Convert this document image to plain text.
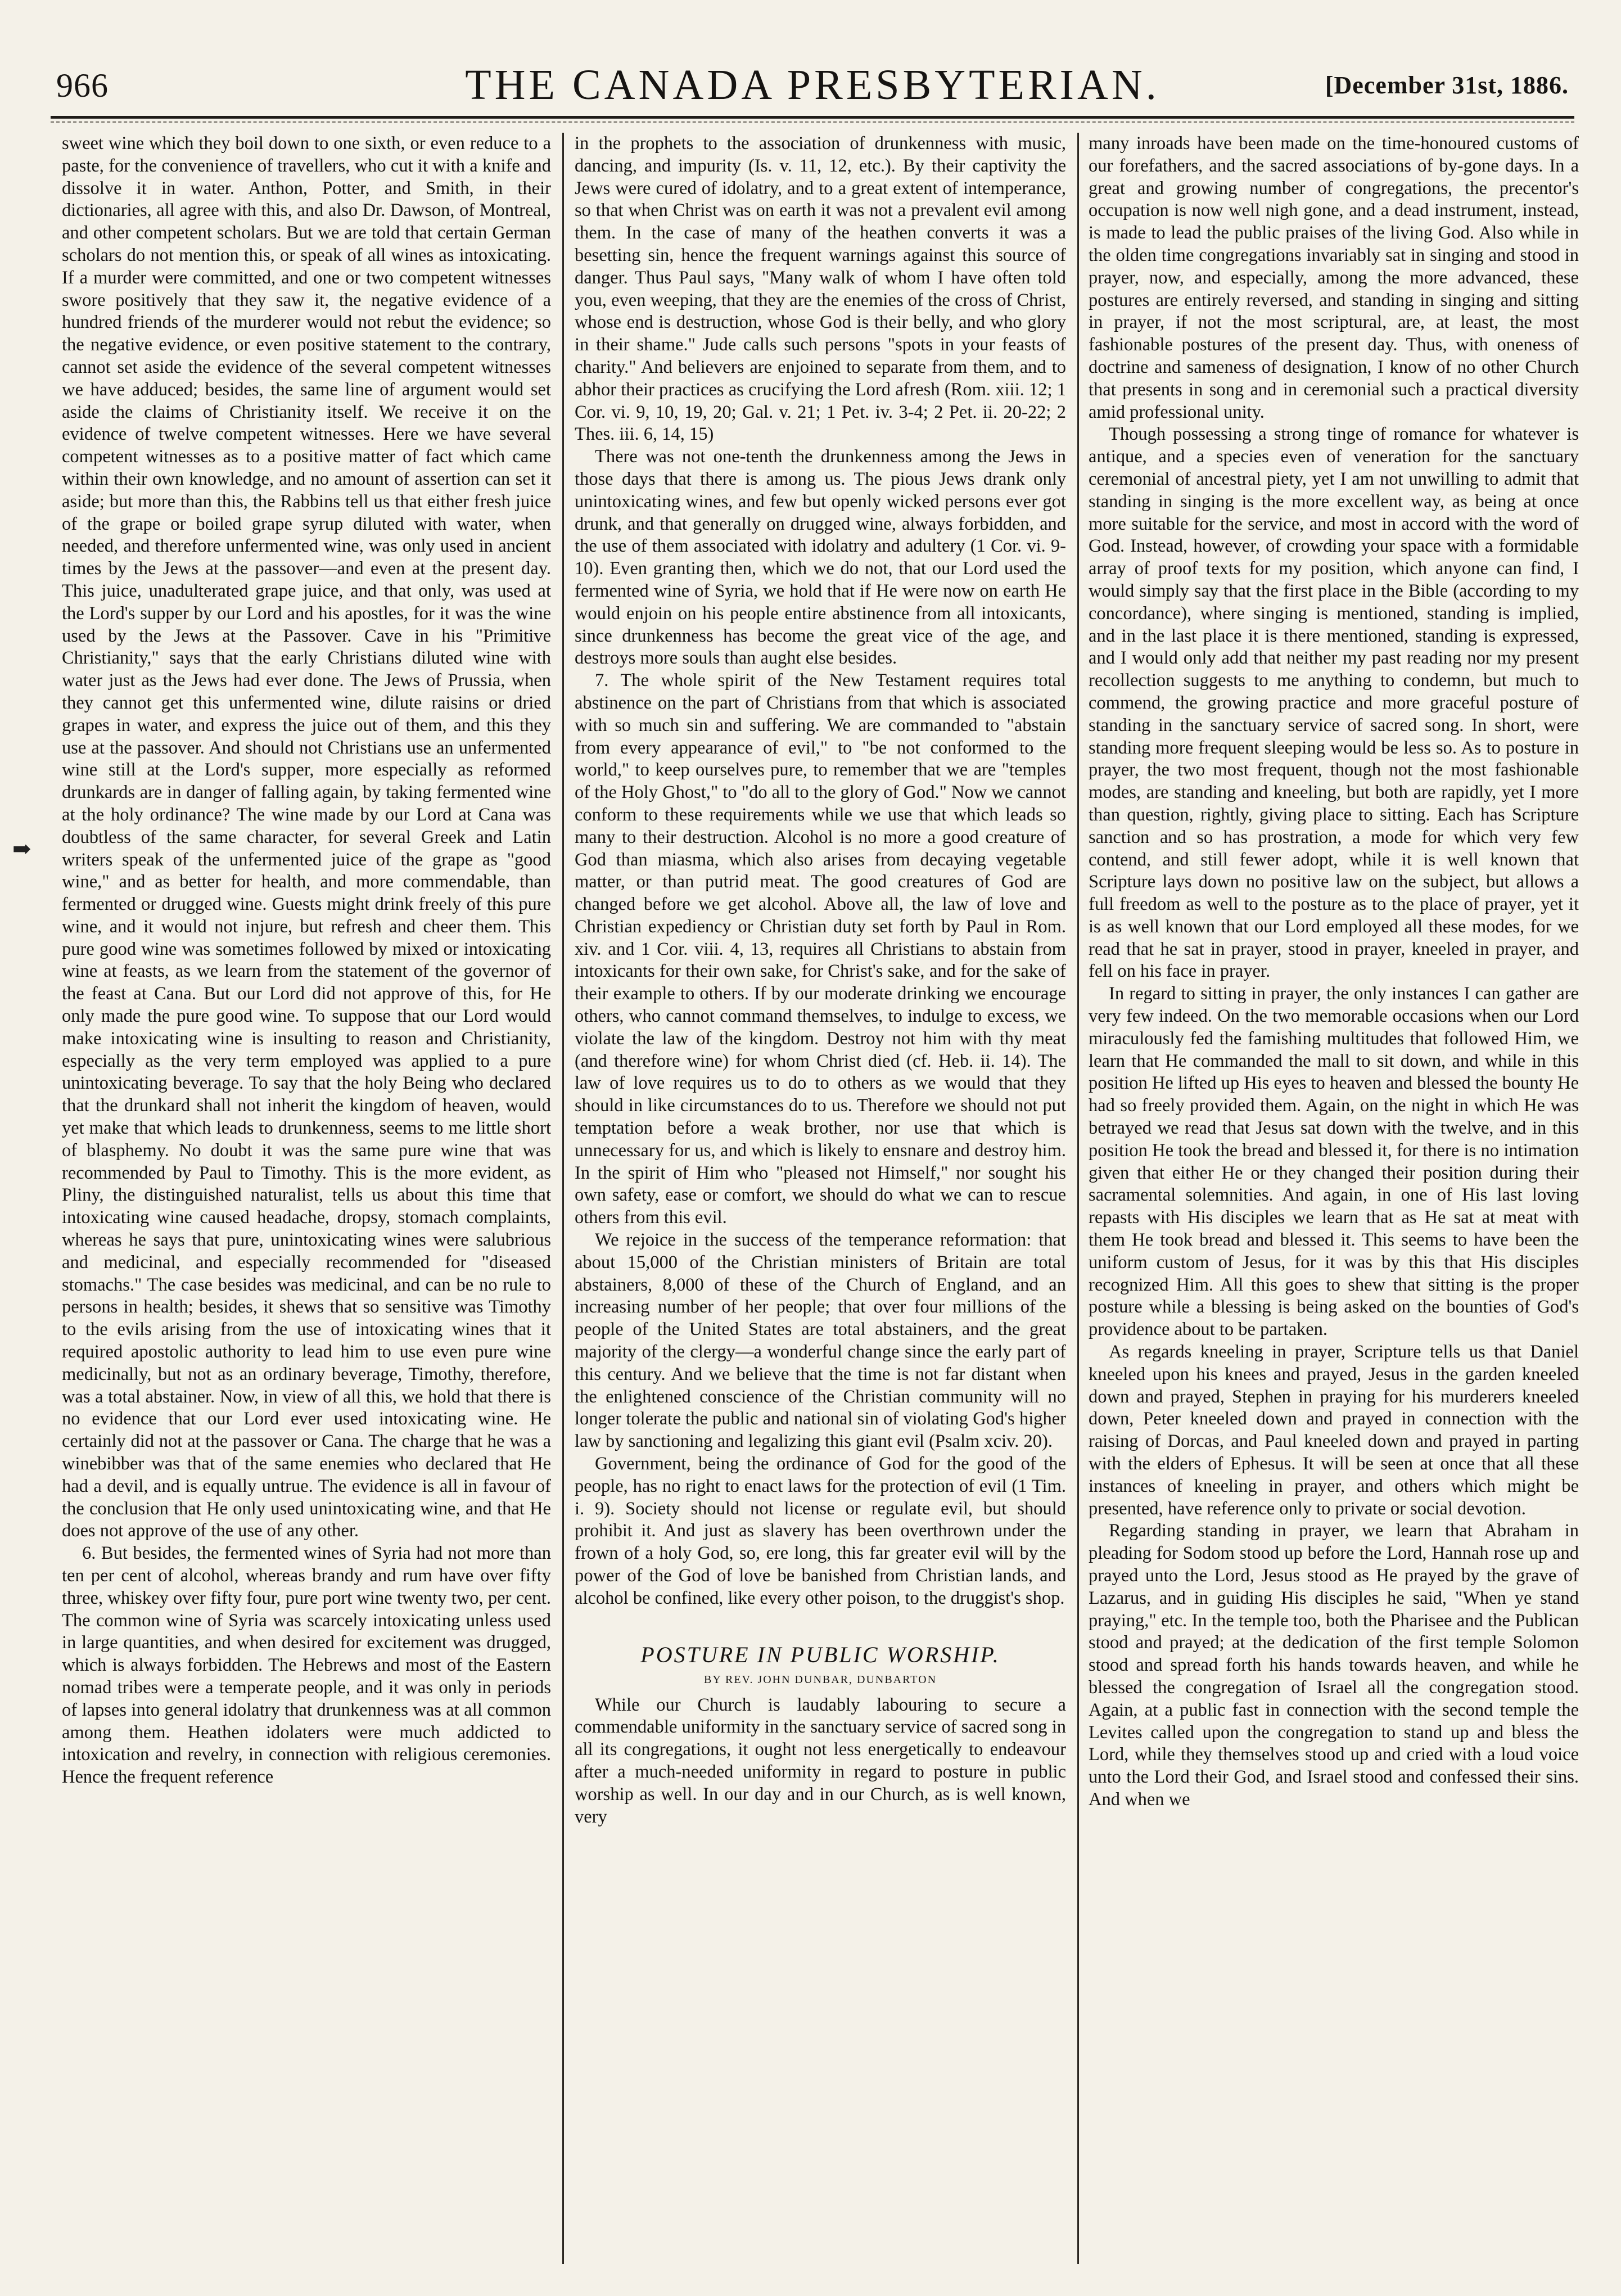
966	THE CANADA PRESBYTERIAN.	[December 31st, 1886.
➡

sweet wine which they boil down to one sixth, or even reduce to a paste, for the convenience of travellers, who cut it with a knife and dissolve it in water. Anthon, Potter, and Smith, in their dictionaries, all agree with this, and also Dr. Dawson, of Montreal, and other competent scholars. But we are told that certain German scholars do not mention this, or speak of all wines as intoxicating. If a murder were committed, and one or two competent witnesses swore positively that they saw it, the negative evidence of a hundred friends of the murderer would not rebut the evidence; so the negative evidence, or even positive statement to the contrary, cannot set aside the evidence of the several competent witnesses we have adduced; besides, the same line of argument would set aside the claims of Christianity itself. We receive it on the evidence of twelve competent witnesses. Here we have several competent witnesses as to a positive matter of fact which came within their own knowledge, and no amount of assertion can set it aside; but more than this, the Rabbins tell us that either fresh juice of the grape or boiled grape syrup diluted with water, when needed, and therefore unfermented wine, was only used in ancient times by the Jews at the passover—and even at the present day. This juice, unadulterated grape juice, and that only, was used at the Lord's supper by our Lord and his apostles, for it was the wine used by the Jews at the Passover. Cave in his "Primitive Christianity," says that the early Christians diluted wine with water just as the Jews had ever done. The Jews of Prussia, when they cannot get this unfermented wine, dilute raisins or dried grapes in water, and express the juice out of them, and this they use at the passover. And should not Christians use an unfermented wine still at the Lord's supper, more especially as reformed drunkards are in danger of falling again, by taking fermented wine at the holy ordinance? The wine made by our Lord at Cana was doubtless of the same character, for several Greek and Latin writers speak of the unfermented juice of the grape as "good wine," and as better for health, and more commendable, than fermented or drugged wine. Guests might drink freely of this pure wine, and it would not injure, but refresh and cheer them. This pure good wine was sometimes followed by mixed or intoxicating wine at feasts, as we learn from the statement of the governor of the feast at Cana. But our Lord did not approve of this, for He only made the pure good wine. To suppose that our Lord would make intoxicating wine is insulting to reason and Christianity, especially as the very term employed was applied to a pure unintoxicating beverage. To say that the holy Being who declared that the drunkard shall not inherit the kingdom of heaven, would yet make that which leads to drunkenness, seems to me little short of blasphemy. No doubt it was the same pure wine that was recommended by Paul to Timothy. This is the more evident, as Pliny, the distinguished naturalist, tells us about this time that intoxicating wine caused headache, dropsy, stomach complaints, whereas he says that pure, unintoxicating wines were salubrious and medicinal, and especially recommended for "diseased stomachs." The case besides was medicinal, and can be no rule to persons in health; besides, it shews that so sensitive was Timothy to the evils arising from the use of intoxicating wines that it required apostolic authority to lead him to use even pure wine medicinally, but not as an ordinary beverage, Timothy, therefore, was a total abstainer. Now, in view of all this, we hold that there is no evidence that our Lord ever used intoxicating wine. He certainly did not at the passover or Cana. The charge that he was a winebibber was that of the same enemies who declared that He had a devil, and is equally untrue. The evidence is all in favour of the conclusion that He only used unintoxicating wine, and that He does not approve of the use of any other.

6. But besides, the fermented wines of Syria had not more than ten per cent of alcohol, whereas brandy and rum have over fifty three, whiskey over fifty four, pure port wine twenty two, per cent. The common wine of Syria was scarcely intoxicating unless used in large quantities, and when desired for excitement was drugged, which is always forbidden. The Hebrews and most of the Eastern nomad tribes were a temperate people, and it was only in periods of lapses into general idolatry that drunkenness was at all common among them. Heathen idolaters were much addicted to intoxication and revelry, in connection with religious ceremonies. Hence the frequent reference

in the prophets to the association of drunkenness with music, dancing, and impurity (Is. v. 11, 12, etc.). By their captivity the Jews were cured of idolatry, and to a great extent of intemperance, so that when Christ was on earth it was not a prevalent evil among them. In the case of many of the heathen converts it was a besetting sin, hence the frequent warnings against this source of danger. Thus Paul says, "Many walk of whom I have often told you, even weeping, that they are the enemies of the cross of Christ, whose end is destruction, whose God is their belly, and who glory in their shame." Jude calls such persons "spots in your feasts of charity." And believers are enjoined to separate from them, and to abhor their practices as crucifying the Lord afresh (Rom. xiii. 12; 1 Cor. vi. 9, 10, 19, 20; Gal. v. 21; 1 Pet. iv. 3-4; 2 Pet. ii. 20-22; 2 Thes. iii. 6, 14, 15)

There was not one-tenth the drunkenness among the Jews in those days that there is among us. The pious Jews drank only unintoxicating wines, and few but openly wicked persons ever got drunk, and that generally on drugged wine, always forbidden, and the use of them associated with idolatry and adultery (1 Cor. vi. 9-10). Even granting then, which we do not, that our Lord used the fermented wine of Syria, we hold that if He were now on earth He would enjoin on his people entire abstinence from all intoxicants, since drunkenness has become the great vice of the age, and destroys more souls than aught else besides.

7. The whole spirit of the New Testament requires total abstinence on the part of Christians from that which is associated with so much sin and suffering. We are commanded to "abstain from every appearance of evil," to "be not conformed to the world," to keep ourselves pure, to remember that we are "temples of the Holy Ghost," to "do all to the glory of God." Now we cannot conform to these requirements while we use that which leads so many to their destruction. Alcohol is no more a good creature of God than miasma, which also arises from decaying vegetable matter, or than putrid meat. The good creatures of God are changed before we get alcohol. Above all, the law of love and Christian expediency or Christian duty set forth by Paul in Rom. xiv. and 1 Cor. viii. 4, 13, requires all Christians to abstain from intoxicants for their own sake, for Christ's sake, and for the sake of their example to others. If by our moderate drinking we encourage others, who cannot command themselves, to indulge to excess, we violate the law of the kingdom. Destroy not him with thy meat (and therefore wine) for whom Christ died (cf. Heb. ii. 14). The law of love requires us to do to others as we would that they should in like circumstances do to us. Therefore we should not put temptation before a weak brother, nor use that which is unnecessary for us, and which is likely to ensnare and destroy him. In the spirit of Him who "pleased not Himself," nor sought his own safety, ease or comfort, we should do what we can to rescue others from this evil.

We rejoice in the success of the temperance reformation: that about 15,000 of the Christian ministers of Britain are total abstainers, 8,000 of these of the Church of England, and an increasing number of her people; that over four millions of the people of the United States are total abstainers, and the great majority of the clergy—a wonderful change since the early part of this century. And we believe that the time is not far distant when the enlightened conscience of the Christian community will no longer tolerate the public and national sin of violating God's higher law by sanctioning and legalizing this giant evil (Psalm xciv. 20).

Government, being the ordinance of God for the good of the people, has no right to enact laws for the protection of evil (1 Tim. i. 9). Society should not license or regulate evil, but should prohibit it. And just as slavery has been overthrown under the frown of a holy God, so, ere long, this far greater evil will by the power of the God of love be banished from Christian lands, and alcohol be confined, like every other poison, to the druggist's shop.

POSTURE IN PUBLIC WORSHIP.
BY REV. JOHN DUNBAR, DUNBARTON

While our Church is laudably labouring to secure a commendable uniformity in the sanctuary service of sacred song in all its congregations, it ought not less energetically to endeavour after a much-needed uniformity in regard to posture in public worship as well. In our day and in our Church, as is well known, very

many inroads have been made on the time-honoured customs of our forefathers, and the sacred associations of by-gone days. In a great and growing number of congregations, the precentor's occupation is now well nigh gone, and a dead instrument, instead, is made to lead the public praises of the living God. Also while in the olden time congregations invariably sat in singing and stood in prayer, now, and especially, among the more advanced, these postures are entirely reversed, and standing in singing and sitting in prayer, if not the most scriptural, are, at least, the most fashionable postures of the present day. Thus, with oneness of doctrine and sameness of designation, I know of no other Church that presents in song and in ceremonial such a practical diversity amid professional unity.

Though possessing a strong tinge of romance for whatever is antique, and a species even of veneration for the sanctuary ceremonial of ancestral piety, yet I am not unwilling to admit that standing in singing is the more excellent way, as being at once more suitable for the service, and most in accord with the word of God. Instead, however, of crowding your space with a formidable array of proof texts for my position, which anyone can find, I would simply say that the first place in the Bible (according to my concordance), where singing is mentioned, standing is implied, and in the last place it is there mentioned, standing is expressed, and I would only add that neither my past reading nor my present recollection suggests to me anything to condemn, but much to commend, the growing practice and more graceful posture of standing in the sanctuary service of sacred song. In short, were standing more frequent sleeping would be less so. As to posture in prayer, the two most frequent, though not the most fashionable modes, are standing and kneeling, but both are rapidly, yet I more than question, rightly, giving place to sitting. Each has Scripture sanction and so has prostration, a mode for which very few contend, and still fewer adopt, while it is well known that Scripture lays down no positive law on the subject, but allows a full freedom as well to the posture as to the place of prayer, yet it is as well known that our Lord employed all these modes, for we read that he sat in prayer, stood in prayer, kneeled in prayer, and fell on his face in prayer.

In regard to sitting in prayer, the only instances I can gather are very few indeed. On the two memorable occasions when our Lord miraculously fed the famishing multitudes that followed Him, we learn that He commanded the mall to sit down, and while in this position He lifted up His eyes to heaven and blessed the bounty He had so freely provided them. Again, on the night in which He was betrayed we read that Jesus sat down with the twelve, and in this position He took the bread and blessed it, for there is no intimation given that either He or they changed their position during their sacramental solemnities. And again, in one of His last loving repasts with His disciples we learn that as He sat at meat with them He took bread and blessed it. This seems to have been the uniform custom of Jesus, for it was by this that His disciples recognized Him. All this goes to shew that sitting is the proper posture while a blessing is being asked on the bounties of God's providence about to be partaken.

As regards kneeling in prayer, Scripture tells us that Daniel kneeled upon his knees and prayed, Jesus in the garden kneeled down and prayed, Stephen in praying for his murderers kneeled down, Peter kneeled down and prayed in connection with the raising of Dorcas, and Paul kneeled down and prayed in parting with the elders of Ephesus. It will be seen at once that all these instances of kneeling in prayer, and others which might be presented, have reference only to private or social devotion.

Regarding standing in prayer, we learn that Abraham in pleading for Sodom stood up before the Lord, Hannah rose up and prayed unto the Lord, Jesus stood as He prayed by the grave of Lazarus, and in guiding His disciples he said, "When ye stand praying," etc. In the temple too, both the Pharisee and the Publican stood and prayed; at the dedication of the first temple Solomon stood and spread forth his hands towards heaven, and while he blessed the congregation of Israel all the congregation stood. Again, at a public fast in connection with the second temple the Levites called upon the congregation to stand up and bless the Lord, while they themselves stood up and cried with a loud voice unto the Lord their God, and Israel stood and confessed their sins. And when we
